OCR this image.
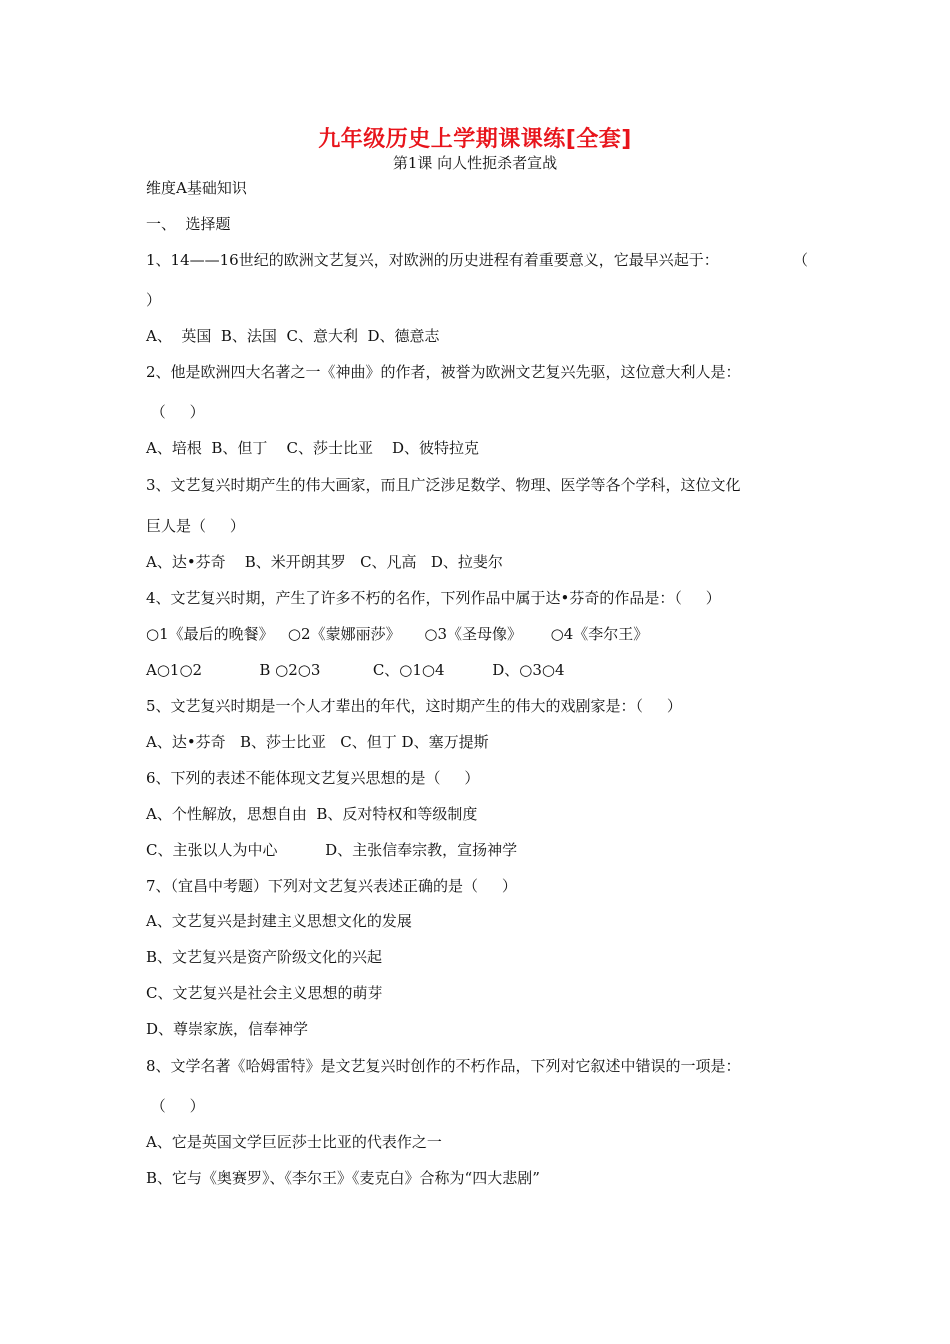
九年级历史上学期课课练[全套]
第1课 向人性扼杀者宣战
维度A基础知识
一、  选择题
1、14——16世纪的欧洲文艺复兴，对欧洲的历史进程有着重要意义，它最早兴起于：	（
）
A、  英国  B、法国  C、意大利  D、德意志
2、他是欧洲四大名著之一《神曲》的作者，被誉为欧洲文艺复兴先驱，这位意大利人是：
（     ）
A、培根  B、但丁    C、莎士比亚    D、彼特拉克
3、文艺复兴时期产生的伟大画家，而且广泛涉足数学、物理、医学等各个学科，这位文化
巨人是（     ）
A、达•芬奇    B、米开朗其罗   C、凡高   D、拉斐尔
4、文艺复兴时期，产生了许多不朽的名作，下列作品中属于达•芬奇的作品是：（     ）
○1《最后的晚餐》   ○2《蒙娜丽莎》     ○3《圣母像》      ○4《李尔王》
A○1○2            B ○2○3           C、○1○4          D、○3○4
5、文艺复兴时期是一个人才辈出的年代，这时期产生的伟大的戏剧家是：（     ）
A、达•芬奇   B、莎士比亚   C、但丁 D、塞万提斯
6、下列的表述不能体现文艺复兴思想的是（     ）
A、个性解放，思想自由  B、反对特权和等级制度
C、主张以人为中心          D、主张信奉宗教，宣扬神学
7、（宜昌中考题）下列对文艺复兴表述正确的是（     ）
A、文艺复兴是封建主义思想文化的发展
B、文艺复兴是资产阶级文化的兴起
C、文艺复兴是社会主义思想的萌芽
D、尊崇家族，信奉神学
8、文学名著《哈姆雷特》是文艺复兴时创作的不朽作品，下列对它叙述中错误的一项是：
（     ）
A、它是英国文学巨匠莎士比亚的代表作之一
B、它与《奥赛罗》、《李尔王》《麦克白》合称为“四大悲剧”
